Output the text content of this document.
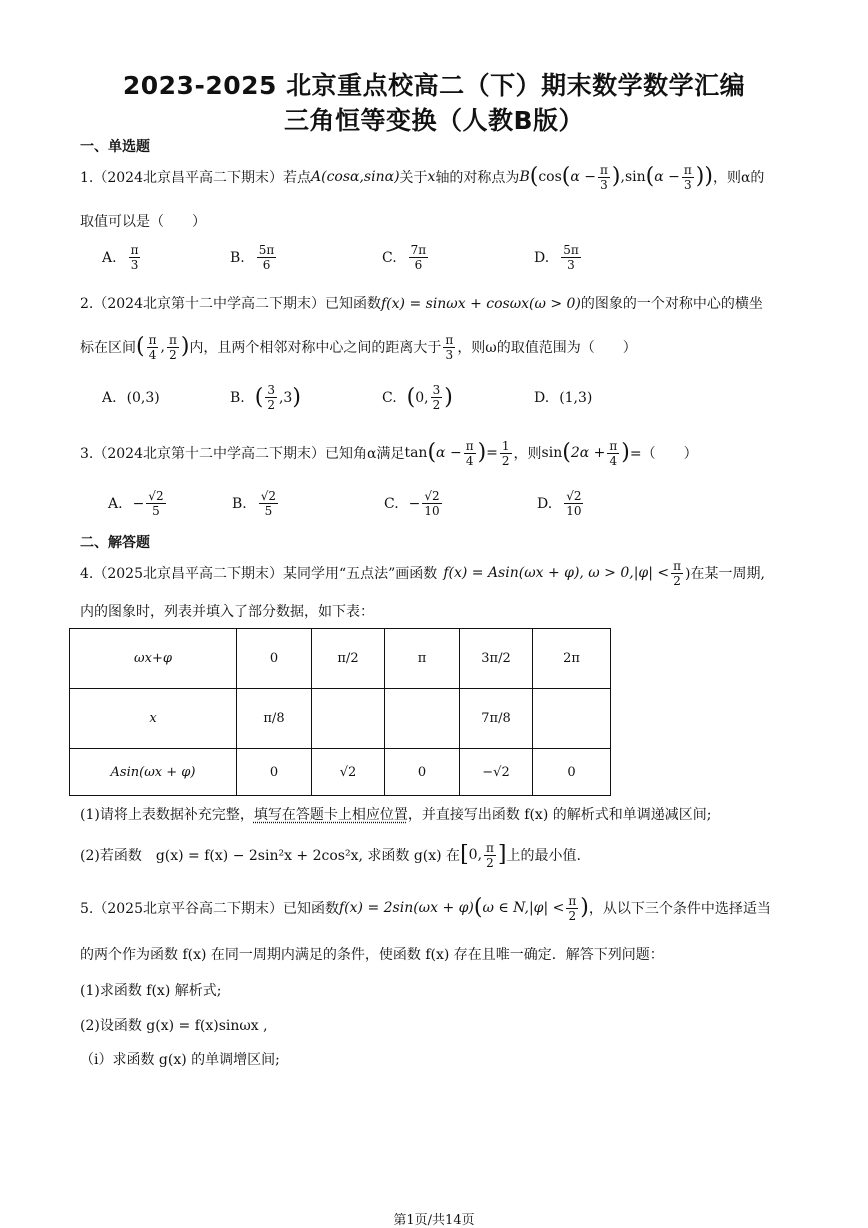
2023-2025 北京重点校高二（下）期末数学数学汇编
三角恒等变换（人教B版）
一、单选题
1.（2024北京昌平高二下期末）若点 A(cosα,sinα) 关于 x 轴的对称点为 B ( cos ( $\alpha - \frac{\pi}{3}$ ) , sin ( $\alpha - \frac{\pi}{3}$ ) ) ，则α的
取值可以是（　　）
A. $\frac{\pi}{3}$	B. $\frac{5\pi}{6}$	C. $\frac{7\pi}{6}$	D. $\frac{5\pi}{3}$
2.（2024北京第十二中学高二下期末）已知函数f(x) = sinωx + cosωx(ω > 0)的图象的一个对称中心的横坐
标在区间 ( $\frac{\pi}{4}$ , $\frac{\pi}{2}$ ) 内，且两个相邻对称中心之间的距离大于 $\frac{\pi}{3}$ ，则ω的取值范围为（　　）
A. (0,3)	B. ( $\frac{3}{2} ,3$ )	C. ( 0, $\frac{3}{2}$ )	D. (1,3)
3.（2024北京第十二中学高二下期末）已知角α满足 tan ( $\alpha - \frac{\pi}{4}$ ) = $\frac{1}{2}$ ，则 sin ( $2\alpha + \frac{\pi}{4}$ ) =（　　）
A. − $\frac{√2}{5}$	B. $\frac{√2}{5}$	C. − $\frac{√2}{10}$	D. $\frac{√2}{10}$
二、解答题
4.（2025北京昌平高二下期末）某同学用“五点法”画函数 f(x) = Asin(ωx + φ), $\omega > 0,|\varphi| < \frac{\pi}{2}$ )在某一周期,
内的图象时，列表并填入了部分数据，如下表：
ωx+φ	0	π/2	π	3π/2	2π
x	π/8			7π/8	
Asin(ωx + φ)	0	√2	0	−√2	0
(1)请将上表数据补充完整，填写在答题卡上相应位置，并直接写出函数 f(x) 的解析式和单调递减区间;
(2)若函数　g(x) = f(x) − 2sin²x + 2cos²x, 求函数 g(x) 在 [ 0, $\frac{\pi}{2}$ ] 上的最小值.
5.（2025北京平谷高二下期末）已知函数 f(x) = 2sin(ωx + φ) ( ω ∈ $N,|\varphi| < \frac{\pi}{2}$ ) ，从以下三个条件中选择适当
的两个作为函数 f(x) 在同一周期内满足的条件，使函数 f(x) 存在且唯一确定．解答下列问题：
(1)求函数 f(x) 解析式;
(2)设函数 g(x) = f(x)sinωx ,
（i）求函数 g(x) 的单调增区间;
第1页/共14页
